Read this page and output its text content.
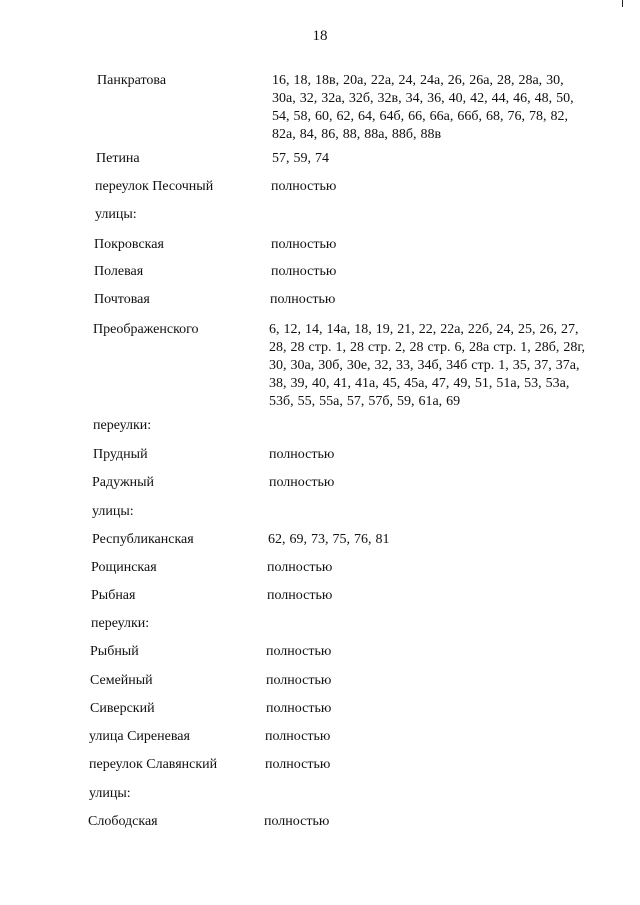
18
Панкратова	16, 18, 18в, 20а, 22а, 24, 24а, 26, 26а, 28, 28а, 30,
30а, 32, 32а, 32б, 32в, 34, 36, 40, 42, 44, 46, 48, 50,
54, 58, 60, 62, 64, 64б, 66, 66а, 66б, 68, 76, 78, 82,
82а, 84, 86, 88, 88а, 88б, 88в
Петина	57, 59, 74
переулок Песочный	полностью
улицы:
Покровская	полностью
Полевая	полностью
Почтовая	полностью
Преображенского	6, 12, 14, 14а, 18, 19, 21, 22, 22а, 22б, 24, 25, 26, 27,
28, 28 стр. 1, 28 стр. 2, 28 стр. 6, 28а стр. 1, 28б, 28г,
30, 30а, 30б, 30е, 32, 33, 34б, 34б стр. 1, 35, 37, 37а,
38, 39, 40, 41, 41а, 45, 45а, 47, 49, 51, 51а, 53, 53а,
53б, 55, 55а, 57, 57б, 59, 61а, 69
переулки:
Прудный	полностью
Радужный	полностью
улицы:
Республиканская	62, 69, 73, 75, 76, 81
Рощинская	полностью
Рыбная	полностью
переулки:
Рыбный	полностью
Семейный	полностью
Сиверский	полностью
улица Сиреневая	полностью
переулок Славянский	полностью
улицы:
Слободская	полностью
